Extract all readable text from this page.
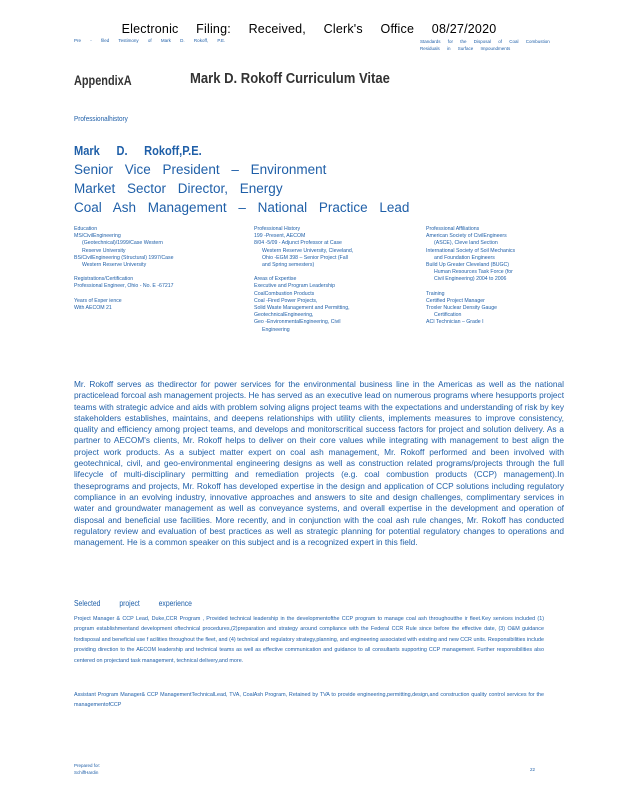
Electronic Filing: Received, Clerk's Office 08/27/2020
Pre - filed Testimony of Mark D. Rokoff, P.E.	Standards for the Disposal of Coal Combustion Residuals in Surface Impoundments
AppendixA	Mark D. Rokoff Curriculum Vitae
Professionalhistory
Mark D. Rokoff,P.E.
Senior Vice President – Environment
Market Sector Director, Energy
Coal Ash Management – National Practice Lead

Education

MS/CivilEngineering

(Geotechnical)/1999/Case Western

Reserve University

BS/CivilEngineering (Structural) 1997/Case

Western Reserve University

Registrations/Certification

Professional Engineer, Ohio - No. E -67217

Years of Exper ience

With AECOM 21

Professional History

199 -Present, AECOM

8/04 -5/09 - Adjunct Professor at Case

Western Reserve University, Cleveland,

Ohio -EGM 398 – Senior Project (Fall

and Spring semesters)

Areas of Expertise

Executive and Program Leadership

CoalCombustion Products

Coal -Fired Power Projects,

Solid Waste Management and Permitting,

GeotechnicalEngineering,

Geo -EnvironmentalEngineering, Civil

Engineering

Professional Affiliations

American Society of CivilEngineers

(ASCE), Cleve land Section

International Society of Soil Mechanics

and Foundation Engineers

Build Up Greater Cleveland (BUGC)

Human Resources Task Force (for

Civil Engineering) 2004 to 2006

Training

Certified Project Manager

Troxler Nuclear Density Gauge

Certification

ACI Technician – Grade I

Mr. Rokoff serves as thedirector for power services for the environmental business line in the Americas as well as the national practicelead forcoal ash management projects. He has served as an executive lead on numerous programs where hesupports project teams with strategic advice and aids with problem solving aligns project teams with the expectations and understanding of risk by key stakeholders establishes, maintains, and deepens relationships with utility clients, implements measures to improve consistency, quality and efficiency among project teams, and develops and monitorscritical success factors for project and solution delivery. As a partner to AECOM's clients, Mr. Rokoff helps to deliver on their core values while integrating with management to best align the project work products. As a subject matter expert on coal ash management, Mr. Rokoff performed and been involved with geotechnical, civil, and geo-environmental engineering designs as well as construction related programs/projects through the full lifecycle of multi-disciplinary permitting and remediation projects (e.g. coal combustion products (CCP) management).In theseprograms and projects, Mr. Rokoff has developed expertise in the design and application of CCP solutions including regulatory compliance in an evolving industry, innovative approaches and answers to site and design challenges, complimentary services in water and groundwater management as well as conveyance systems, and overall expertise in the development and operation of disposal and beneficial use facilities. More recently, and in conjunction with the coal ash rule changes, Mr. Rokoff has conducted regulatory review and evaluation of best practices as well as strategic planning for potential regulatory changes to operations and management. He is a common speaker on this subject and is a recognized expert in this field.
Selected project experience
Project Manager & CCP Lead, Duke,CCR Program , Provided technical leadership in the developmentofthe CCP program to manage coal ash throughoutthe ir fleet.Key services included (1) program establishmentand development oftechnical procedures,(2)preparation and strategy around compliance with the Federal CCR Rule since before the effective date, (3) O&M guidance fordisposal and beneficial use f acilities throughout the fleet, and (4) technical and regulatory strategy,planning, and engineering associated with existing and new CCR units. Responsibilities include providing direction to the AECOM leadership and technical teams as well as effective communication and guidance to all consultants supporting CCP management. Further responsibilities also centered on projectand task management, technical delivery,and more.
Assistant Program Manager& CCP ManagementTechnicalLead, TVA, CoalAsh Program, Retained by TVA to provide engineering,permitting,design,and construction quality control services for the managementofCCP
Prepared for:
SchiffHardin
22
